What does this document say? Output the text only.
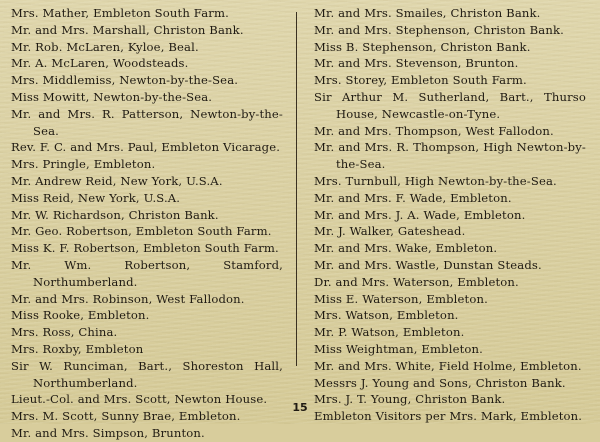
Mrs. Mather, Embleton South Farm.

Mr. and Mrs. Marshall, Christon Bank.

Mr. Rob. McLaren, Kyloe, Beal.

Mr. A. McLaren, Woodsteads.

Mrs. Middlemiss, Newton-by-the-Sea.

Miss Mowitt, Newton-by-the-Sea.

Mr. and Mrs. R. Patterson, Newton-by-the-Sea.

Rev. F. C. and Mrs. Paul, Embleton Vicarage.

Mrs. Pringle, Embleton.

Mr. Andrew Reid, New York, U.S.A.

Miss Reid, New York, U.S.A.

Mr. W. Richardson, Christon Bank.

Mr. Geo. Robertson, Embleton South Farm.

Miss K. F. Robertson, Embleton South Farm.

Mr. Wm. Robertson, Stamford, Northumberland.

Mr. and Mrs. Robinson, West Fallodon.

Miss Rooke, Embleton.

Mrs. Ross, China.

Mrs. Roxby, Embleton

Sir W. Runciman, Bart., Shoreston Hall, Northumberland.

Lieut.-Col. and Mrs. Scott, Newton House.

Mrs. M. Scott, Sunny Brae, Embleton.

Mr. and Mrs. Simpson, Brunton.

Mr. and Mrs. Smailes, Christon Bank.

Mr. and Mrs. Stephenson, Christon Bank.

Miss B. Stephenson, Christon Bank.

Mr. and Mrs. Stevenson, Brunton.

Mrs. Storey, Embleton South Farm.

Sir Arthur M. Sutherland, Bart., Thurso House, Newcastle-on-Tyne.

Mr. and Mrs. Thompson, West Fallodon.

Mr. and Mrs. R. Thompson, High Newton-by-the-Sea.

Mrs. Turnbull, High Newton-by-the-Sea.

Mr. and Mrs. F. Wade, Embleton.

Mr. and Mrs. J. A. Wade, Embleton.

Mr. J. Walker, Gateshead.

Mr. and Mrs. Wake, Embleton.

Mr. and Mrs. Wastle, Dunstan Steads.

Dr. and Mrs. Waterson, Embleton.

Miss E. Waterson, Embleton.

Mrs. Watson, Embleton.

Mr. P. Watson, Embleton.

Miss Weightman, Embleton.

Mr. and Mrs. White, Field Holme, Embleton.

Messrs J. Young and Sons, Christon Bank.

Mrs. J. T. Young, Christon Bank.

Embleton Visitors per Mrs. Mark, Embleton.

15
